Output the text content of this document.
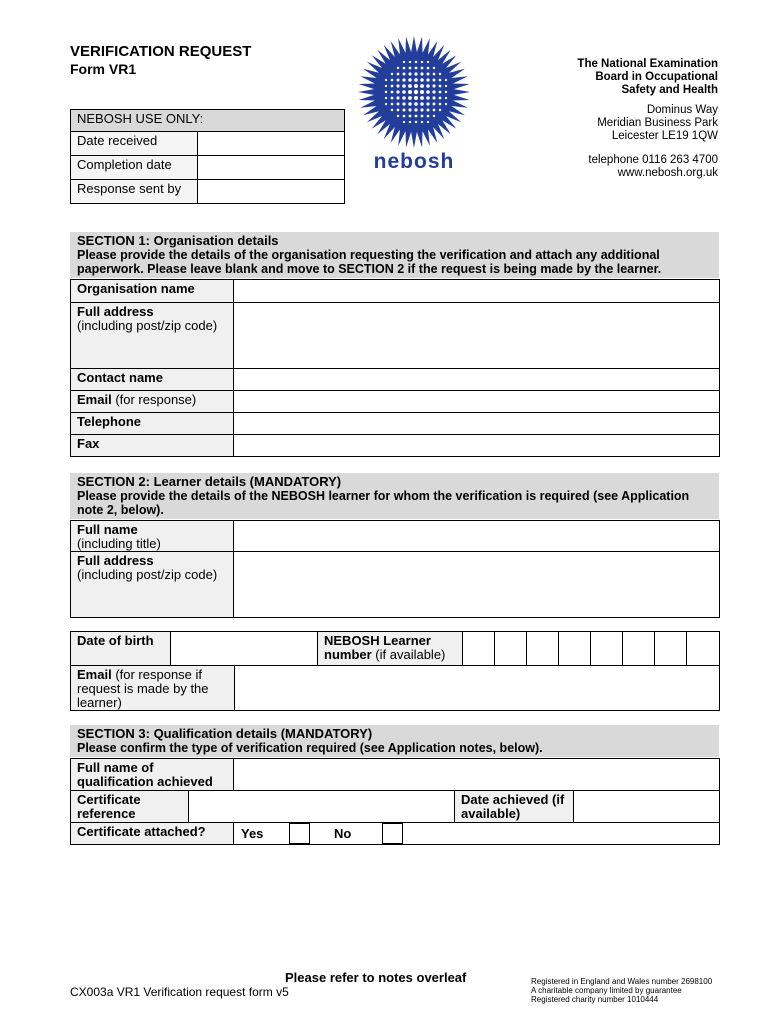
VERIFICATION REQUEST
Form VR1
nebosh
The National Examination
Board in Occupational
Safety and Health
Dominus Way
Meridian Business Park
Leicester LE19 1QW
telephone 0116 263 4700
www.nebosh.org.uk
NEBOSH USE ONLY:	
Date received	
Completion date	
Response sent by	
SECTION 1: Organisation details
Please provide the details of the organisation requesting the verification and attach any additional paperwork. Please leave blank and move to SECTION 2 if the request is being made by the learner.
Organisation name	
Full address
(including post/zip code)	
Contact name	
Email (for response)	
Telephone	
Fax	
SECTION 2: Learner details (MANDATORY)
Please provide the details of the NEBOSH learner for whom the verification is required (see Application note 2, below).
Full name
(including title)	
Full address
(including post/zip code)	
Date of birth		NEBOSH Learner number (if available)								
Email (for response if request is made by the learner)	
SECTION 3: Qualification details (MANDATORY)
Please confirm the type of verification required (see Application notes, below).
Full name of qualification achieved	
Certificate reference		Date achieved (if available)	
Certificate attached?	Yes	No
Please refer to notes overleaf
CX003a VR1 Verification request form v5
Registered in England and Wales number 2698100
A charitable company limited by guarantee
Registered charity number 1010444
